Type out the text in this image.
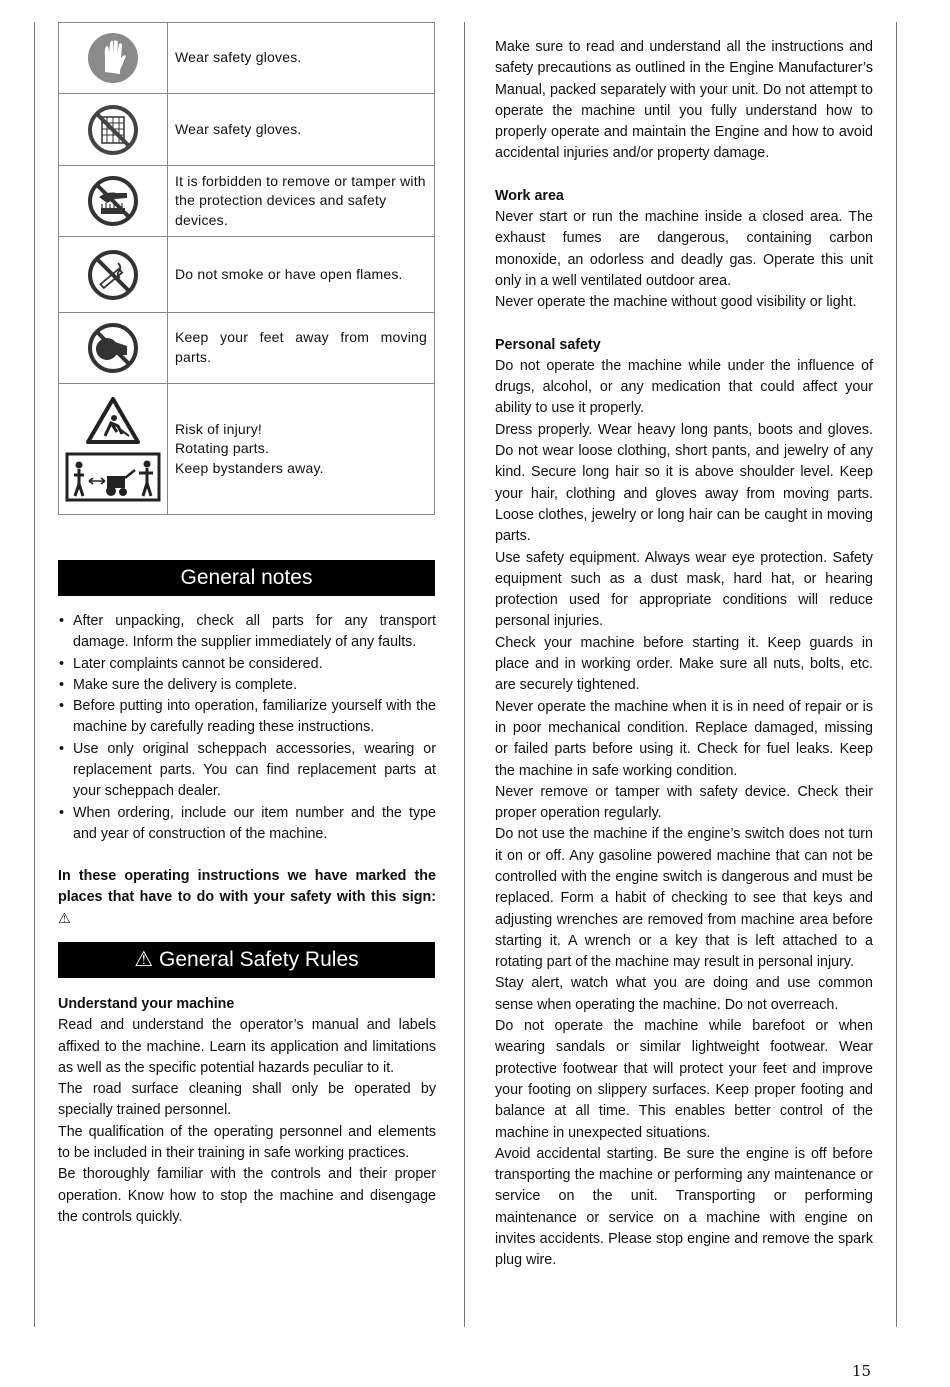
	Wear safety gloves.

	Wear safety gloves.

	It is forbidden to remove or tamper with the protection devices and safety devices.

	Do not smoke or have open flames.

	Keep your feet away from moving parts.

	Risk of injury!
Rotating parts.
Keep bystanders away.
General notes
• After unpacking, check all parts for any transport damage. Inform the supplier immediately of any faults.
• Later complaints cannot be considered.
• Make sure the delivery is complete.
• Before putting into operation, familiarize yourself with the machine by carefully reading these instructions.
• Use only original scheppach accessories, wearing or replacement parts. You can find replacement parts at your scheppach dealer.
• When ordering, include our item number and the type and year of construction of the machine.

In these operating instructions we have marked the places that have to do with your safety with this sign: ⚠

⚠ General Safety Rules

Understand your machine

Read and understand the operator’s manual and labels affixed to the machine. Learn its application and limitations as well as the specific potential hazards peculiar to it.

The road surface cleaning shall only be operated by specially trained personnel.

The qualification of the operating personnel and elements to be included in their training in safe working practices.

Be thoroughly familiar with the controls and their proper operation. Know how to stop the machine and disengage the controls quickly.

Make sure to read and understand all the instructions and safety precautions as outlined in the Engine Manufacturer’s Manual, packed separately with your unit. Do not attempt to operate the machine until you fully understand how to properly operate and maintain the Engine and how to avoid accidental injuries and/or property damage.

Work area

Never start or run the machine inside a closed area. The exhaust fumes are dangerous, containing carbon monoxide, an odorless and deadly gas. Operate this unit only in a well ventilated outdoor area.

Never operate the machine without good visibility or light.

Personal safety

Do not operate the machine while under the influence of drugs, alcohol, or any medication that could affect your ability to use it properly.

Dress properly. Wear heavy long pants, boots and gloves. Do not wear loose clothing, short pants, and jewelry of any kind. Secure long hair so it is above shoulder level. Keep your hair, clothing and gloves away from moving parts. Loose clothes, jewelry or long hair can be caught in moving parts.

Use safety equipment. Always wear eye protection. Safety equipment such as a dust mask, hard hat, or hearing protection used for appropriate conditions will reduce personal injuries.

Check your machine before starting it. Keep guards in place and in working order. Make sure all nuts, bolts, etc. are securely tightened.

Never operate the machine when it is in need of repair or is in poor mechanical condition. Replace damaged, missing or failed parts before using it. Check for fuel leaks. Keep the machine in safe working condition.

Never remove or tamper with safety device. Check their proper operation regularly.

Do not use the machine if the engine’s switch does not turn it on or off. Any gasoline powered machine that can not be controlled with the engine switch is dangerous and must be replaced. Form a habit of checking to see that keys and adjusting wrenches are removed from machine area before starting it. A wrench or a key that is left attached to a rotating part of the machine may result in personal injury.

Stay alert, watch what you are doing and use common sense when operating the machine. Do not overreach.

Do not operate the machine while barefoot or when wearing sandals or similar lightweight footwear. Wear protective footwear that will protect your feet and improve your footing on slippery surfaces. Keep proper footing and balance at all time. This enables better control of the machine in unexpected situations.

Avoid accidental starting. Be sure the engine is off before transporting the machine or performing any maintenance or service on the unit. Transporting or performing maintenance or service on a machine with engine on invites accidents. Please stop engine and remove the spark plug wire.

15
